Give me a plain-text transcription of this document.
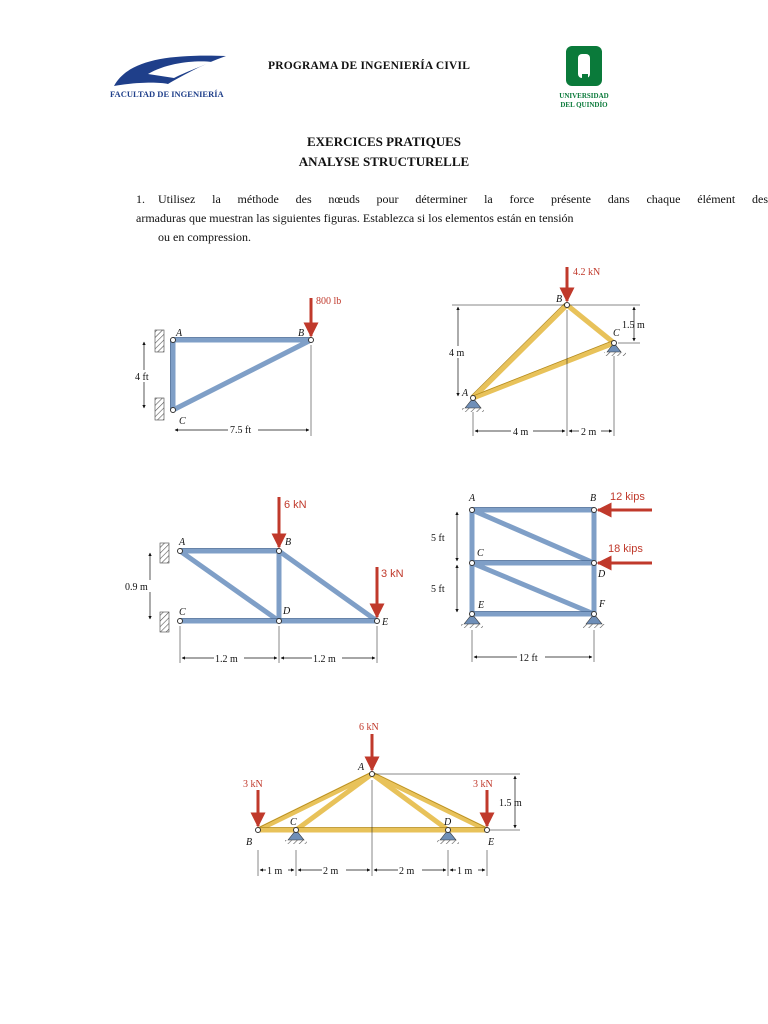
FACULTAD DE INGENIERÍA
PROGRAMA DE INGENIERÍA CIVIL
UNIVERSIDAD
DEL QUINDÍO
EXERCICES PRATIQUES
ANALYSE STRUCTURELLE
1. Utilisez la méthode des nœuds pour déterminer la force présente dans chaque élément des
armaduras que muestran las siguientes figuras. Establezca si los elementos están en tensión
ou en compression.
800 lb
A	B
C
4 ft
7.5 ft
4.2 kN
B
C
A
4 m
1.5 m
4 m	2 m
6 kN
3 kN
A	B
C	D
E
0.9 m
1.2 m	1.2 m
12 kips
18 kips
A	B
C
D
E	F
5 ft
5 ft
12 ft
6 kN
3 kN	3 kN
A
B
C	D
E
1.5 m
1 m	2 m	2 m	1 m
